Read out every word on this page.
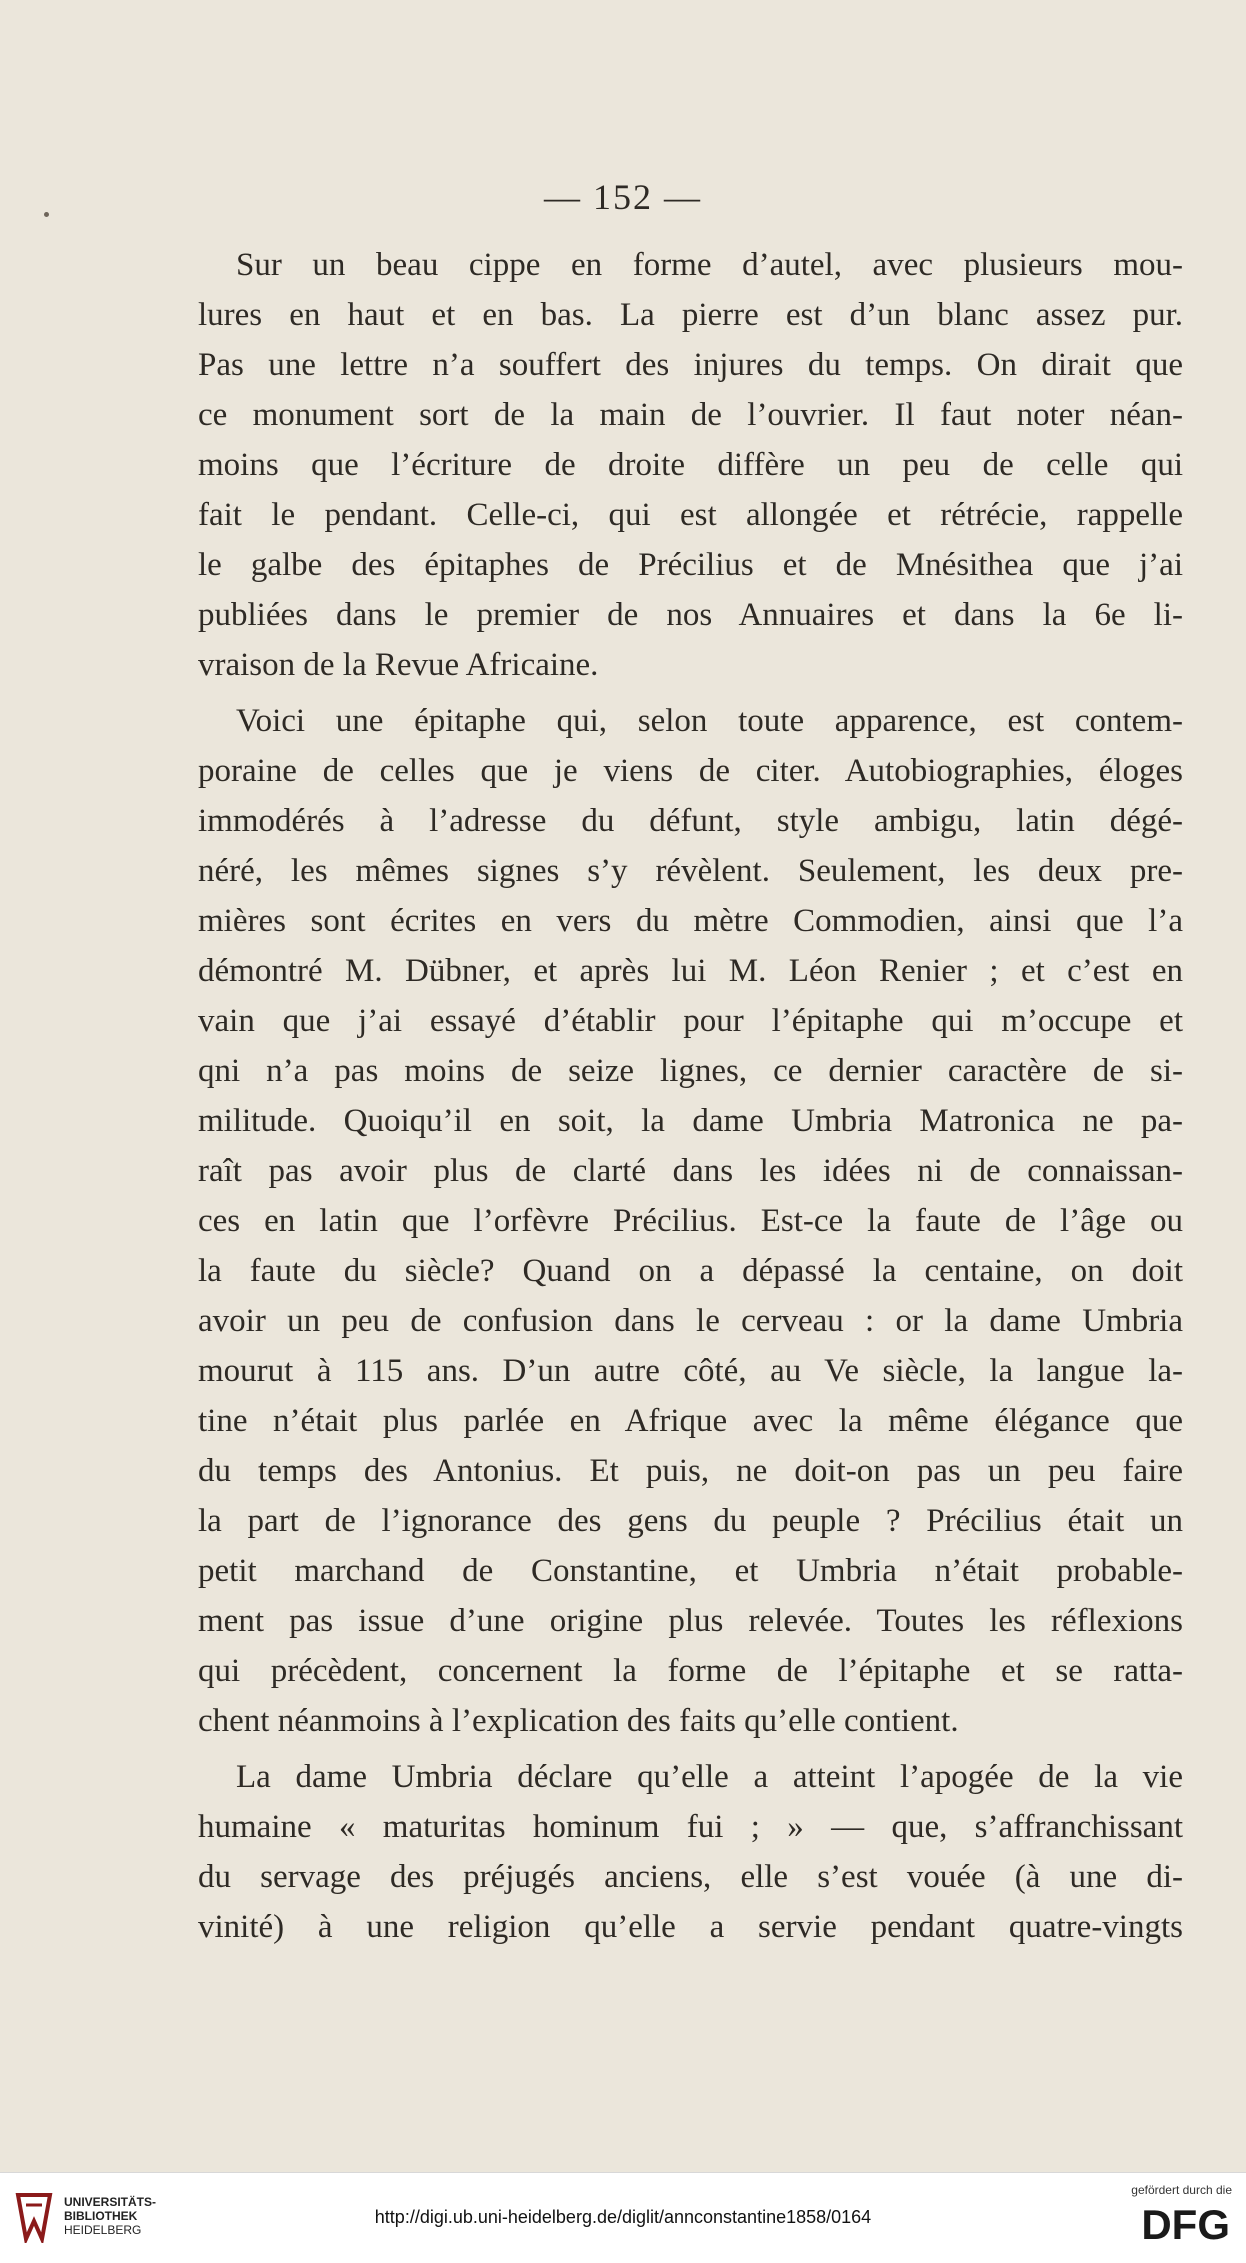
— 152 —
Sur un beau cippe en forme d’autel, avec plusieurs mou-
lures en haut et en bas. La pierre est d’un blanc assez pur.
Pas une lettre n’a souffert des injures du temps. On dirait que
ce monument sort de la main de l’ouvrier. Il faut noter néan-
moins que l’écriture de droite diffère un peu de celle qui
fait le pendant. Celle-ci, qui est allongée et rétrécie, rappelle
le galbe des épitaphes de Précilius et de Mnésithea que j’ai
publiées dans le premier de nos Annuaires et dans la 6e li-
vraison de la Revue Africaine.
Voici une épitaphe qui, selon toute apparence, est contem-
poraine de celles que je viens de citer. Autobiographies, éloges
immodérés à l’adresse du défunt, style ambigu, latin dégé-
néré, les mêmes signes s’y révèlent. Seulement, les deux pre-
mières sont écrites en vers du mètre Commodien, ainsi que l’a
démontré M. Dübner, et après lui M. Léon Renier ; et c’est en
vain que j’ai essayé d’établir pour l’épitaphe qui m’occupe et
qni n’a pas moins de seize lignes, ce dernier caractère de si-
militude. Quoiqu’il en soit, la dame Umbria Matronica ne pa-
raît pas avoir plus de clarté dans les idées ni de connaissan-
ces en latin que l’orfèvre Précilius. Est-ce la faute de l’âge ou
la faute du siècle? Quand on a dépassé la centaine, on doit
avoir un peu de confusion dans le cerveau : or la dame Umbria
mourut à 115 ans. D’un autre côté, au Ve siècle, la langue la-
tine n’était plus parlée en Afrique avec la même élégance que
du temps des Antonius. Et puis, ne doit-on pas un peu faire
la part de l’ignorance des gens du peuple ? Précilius était un
petit marchand de Constantine, et Umbria n’était probable-
ment pas issue d’une origine plus relevée. Toutes les réflexions
qui précèdent, concernent la forme de l’épitaphe et se ratta-
chent néanmoins à l’explication des faits qu’elle contient.
La dame Umbria déclare qu’elle a atteint l’apogée de la vie
humaine « maturitas hominum fui ; » — que, s’affranchissant
du servage des préjugés anciens, elle s’est vouée (à une di-
vinité) à une religion qu’elle a servie pendant quatre-vingts
UNIVERSITÄTS-
BIBLIOTHEK
HEIDELBERG
http://digi.ub.uni-heidelberg.de/diglit/annconstantine1858/0164
gefördert durch die
DFG
